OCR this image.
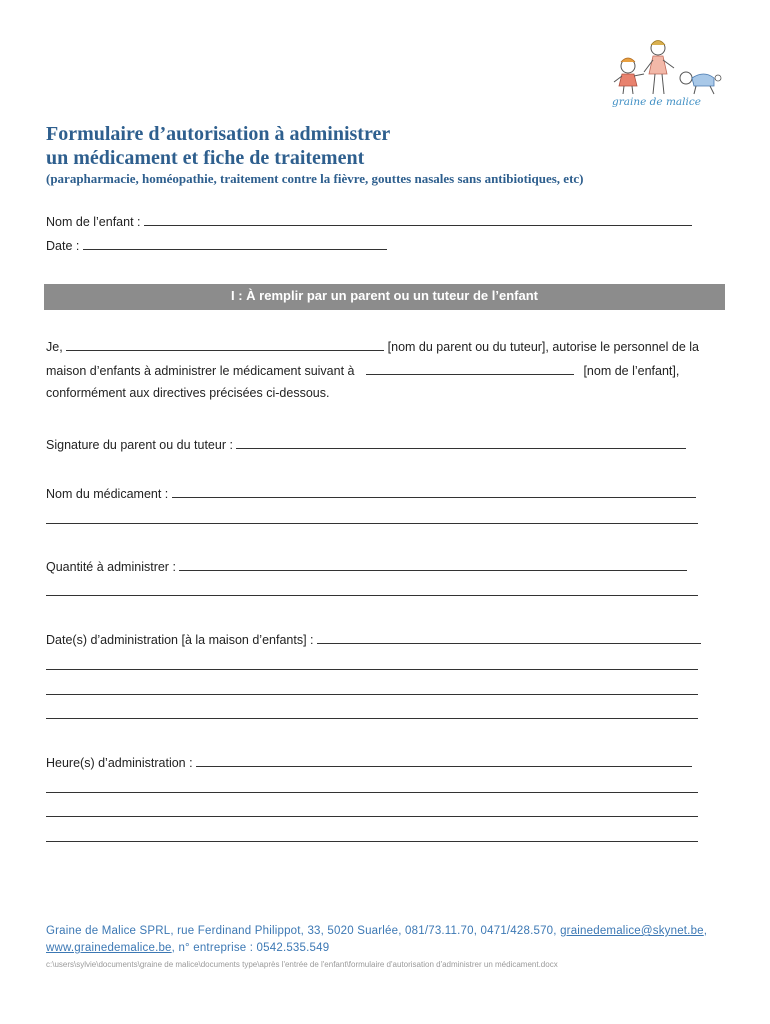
graine de malice
Formulaire d’autorisation à administrer
un médicament et fiche de traitement
(parapharmacie, homéopathie, traitement contre la fièvre, gouttes nasales sans antibiotiques, etc)
Nom de l’enfant :
Date :
I : À remplir par un parent ou un tuteur de l’enfant
Je,	[nom du parent ou du tuteur], autorise le personnel de la
maison d’enfants à administrer le médicament suivant à	[nom de l’enfant],
conformément aux directives précisées ci-dessous.
Signature du parent ou du tuteur :
Nom du médicament :
Quantité à administrer :
Date(s) d’administration [à la maison d’enfants] :
Heure(s) d’administration :
Graine de Malice SPRL, rue Ferdinand Philippot, 33, 5020 Suarlée, 081/73.11.70, 0471/428.570, grainedemalice@skynet.be,
www.grainedemalice.be, n° entreprise : 0542.535.549
c:\users\sylvie\documents\graine de malice\documents type\après l'entrée de l'enfant\formulaire d'autorisation d'administrer un médicament.docx
